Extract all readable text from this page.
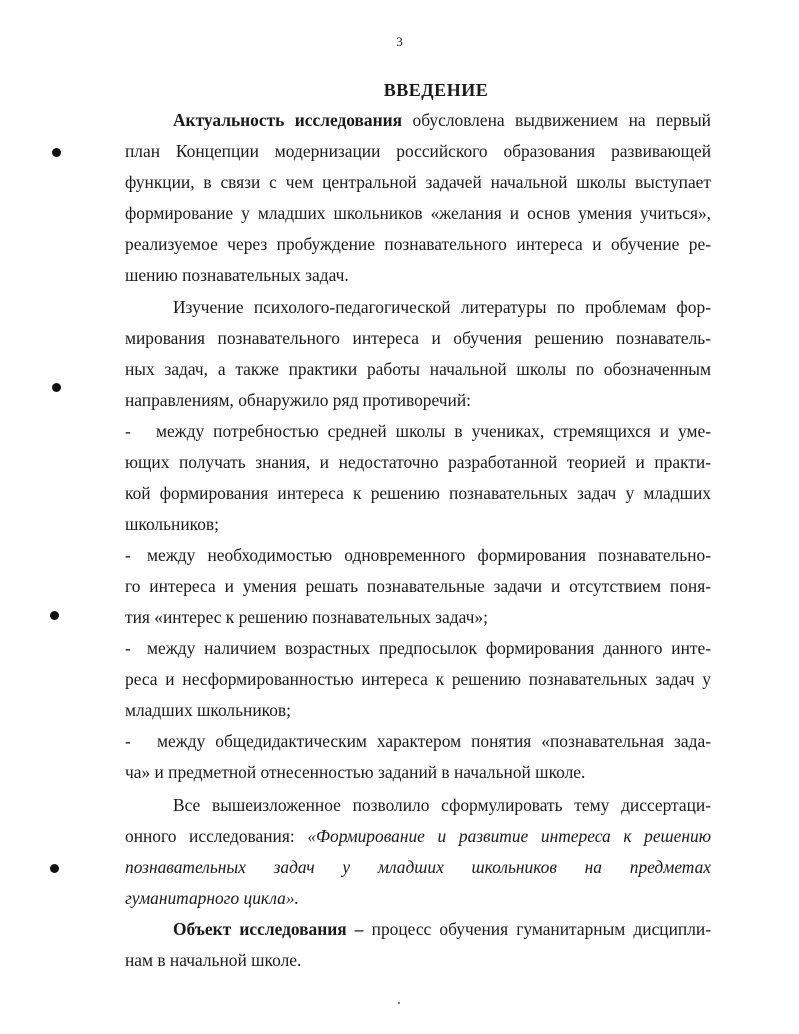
3
ВВЕДЕНИЕ
Актуальность исследования обусловлена выдвижением на первый
план Концепции модернизации российского образования развивающей
функции, в связи с чем центральной задачей начальной школы выступает
формирование у младших школьников «желания и основ умения учиться»,
реализуемое через пробуждение познавательного интереса и обучение ре-
шению познавательных задач.
Изучение психолого-педагогической литературы по проблемам фор-
мирования познавательного интереса и обучения решению познаватель-
ных задач, а также практики работы начальной школы по обозначенным
направлениям, обнаружило ряд противоречий:
- между потребностью средней школы в учениках, стремящихся и уме-
ющих получать знания, и недостаточно разработанной теорией и практи-
кой формирования интереса к решению познавательных задач у младших
школьников;
- между необходимостью одновременного формирования познавательно-
го интереса и умения решать познавательные задачи и отсутствием поня-
тия «интерес к решению познавательных задач»;
- между наличием возрастных предпосылок формирования данного инте-
реса и несформированностью интереса к решению познавательных задач у
младших школьников;
- между общедидактическим характером понятия «познавательная зада-
ча» и предметной отнесенностью заданий в начальной школе.
Все вышеизложенное позволило сформулировать тему диссертаци-
онного исследования: «Формирование и развитие интереса к решению
познавательных задач у младших школьников на предметах
гуманитарного цикла».
Объект исследования – процесс обучения гуманитарным дисципли-
нам в начальной школе.
